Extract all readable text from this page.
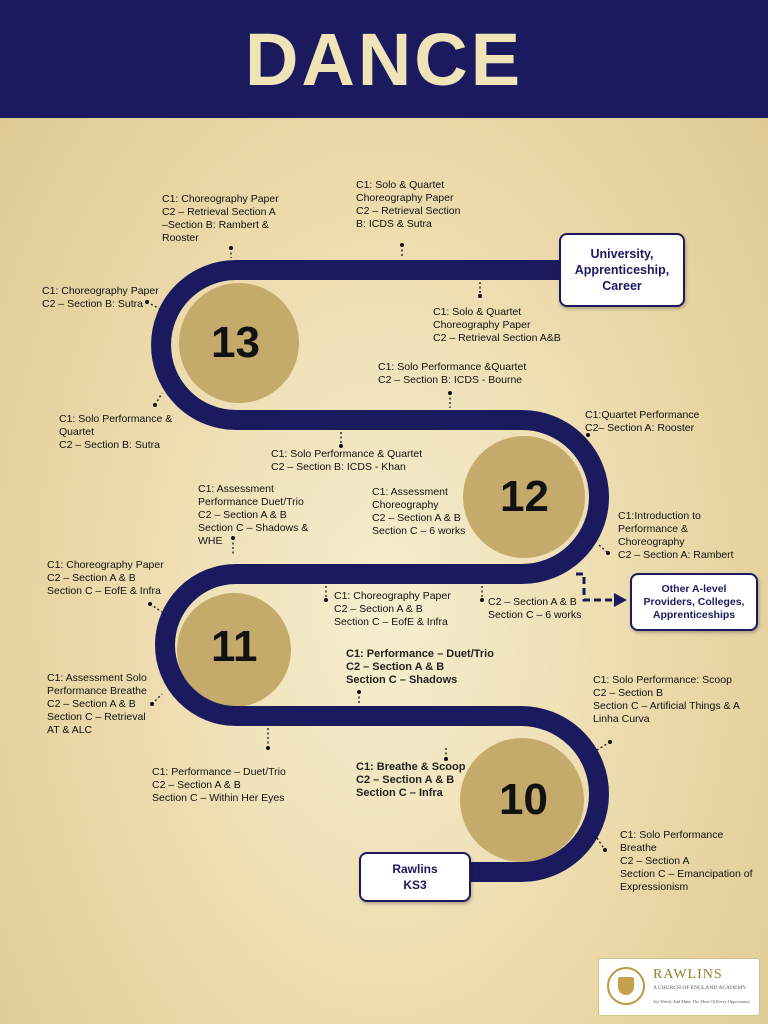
DANCE
13
12
11
10
University,
Apprenticeship,
Career
Other A-level
Providers, Colleges,
Apprenticeships
Rawlins
KS3
C1: Choreography Paper
C2 – Retrieval Section A
–Section B: Rambert &
Rooster
C1: Solo & Quartet
Choreography Paper
C2 – Retrieval Section
B: ICDS & Sutra
C1: Solo & Quartet
Choreography Paper
C2 – Retrieval Section A&B
C1: Choreography Paper
C2 – Section B: Sutra
C1: Solo Performance &
Quartet
C2 – Section B: Sutra
C1: Solo Performance &Quartet
C2 – Section B: ICDS - Bourne
C1:Quartet Performance
C2– Section A: Rooster
C1: Solo Performance & Quartet
C2 – Section B: ICDS - Khan
C1: Assessment
Choreography
C2 – Section A & B
Section C – 6 works
C1:Introduction to
Performance &
Choreography
C2 – Section A: Rambert
C2 – Section A & B
Section C – 6 works
C1: Assessment
Performance Duet/Trio
C2 – Section A & B
Section C – Shadows &
WHE
C1: Choreography Paper
C2 – Section A & B
Section C – EofE & Infra	C1: Choreography Paper
C2 – Section A & B
Section C – EofE & Infra
C1: Assessment Solo
Performance Breathe
C2 – Section A & B
Section C – Retrieval
AT & ALC
C1: Performance – Duet/Trio
C2 – Section A & B
Section C – Shadows
C1: Performance – Duet/Trio
C2 – Section A & B
Section C – Within Her Eyes
C1: Breathe & Scoop
C2 – Section A & B
Section C – Infra
C1: Solo Performance: Scoop
C2 – Section B
Section C – Artificial Things & A
Linha Curva
C1: Solo Performance
Breathe
C2 – Section A
Section C – Emancipation of
Expressionism
RAWLINS
A CHURCH OF ENGLAND ACADEMY
Act Wisely And Make The Most Of Every Opportunity
